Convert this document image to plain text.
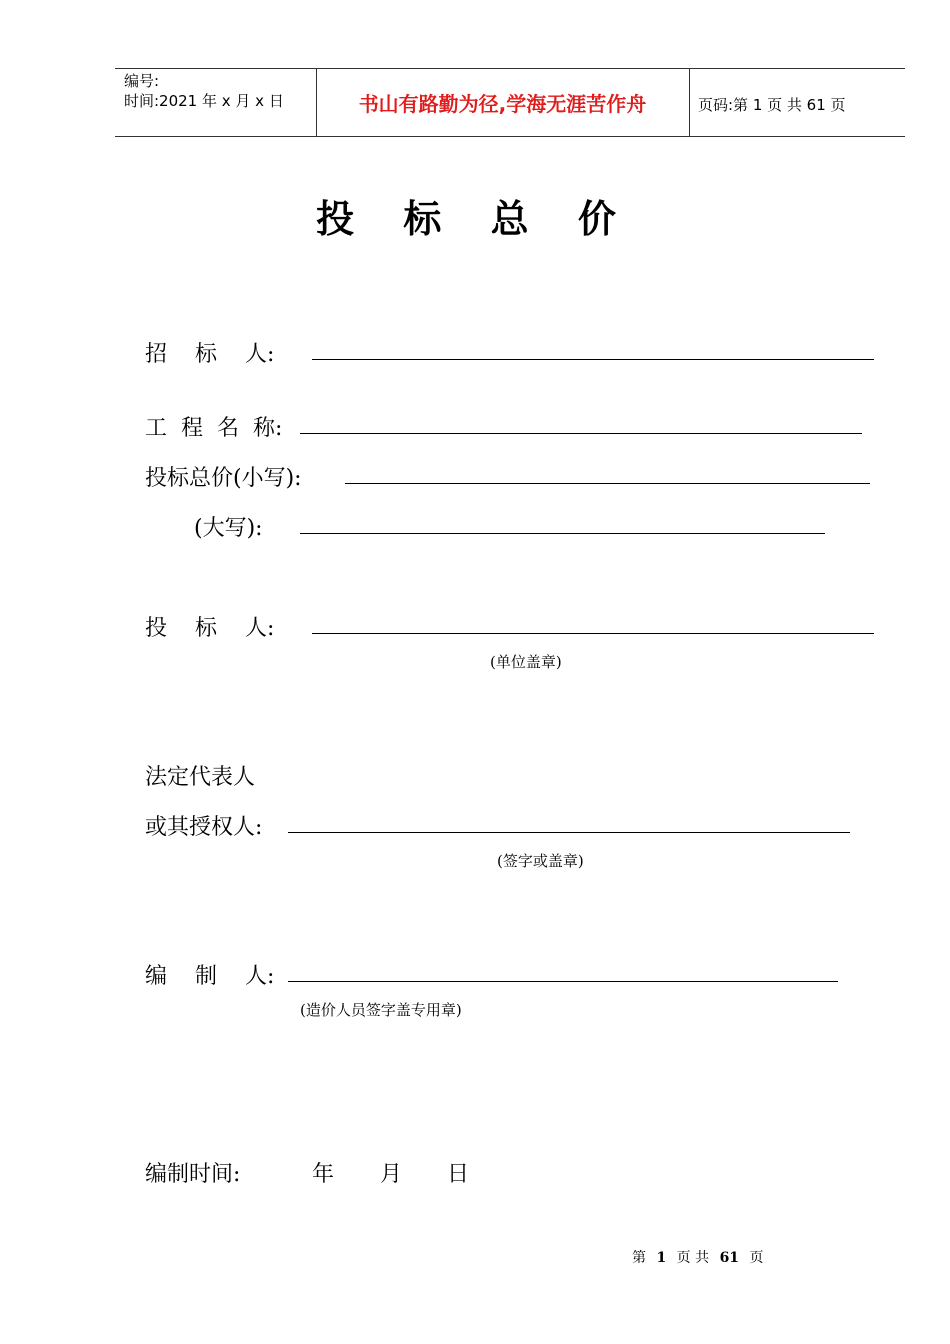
编号:
时间:2021 年 x 月 x 日	书山有路勤为径,学海无涯苦作舟	页码:第 1 页 共 61 页
投 标 总 价
招    标    人:
工  程  名  称:
投标总价(小写):
(大写):
投    标    人:
(单位盖章)
法定代表人
或其授权人:
(签字或盖章)
编    制    人:
(造价人员签字盖专用章)
编制时间:	年 月 日
第 1 页 共 61 页
